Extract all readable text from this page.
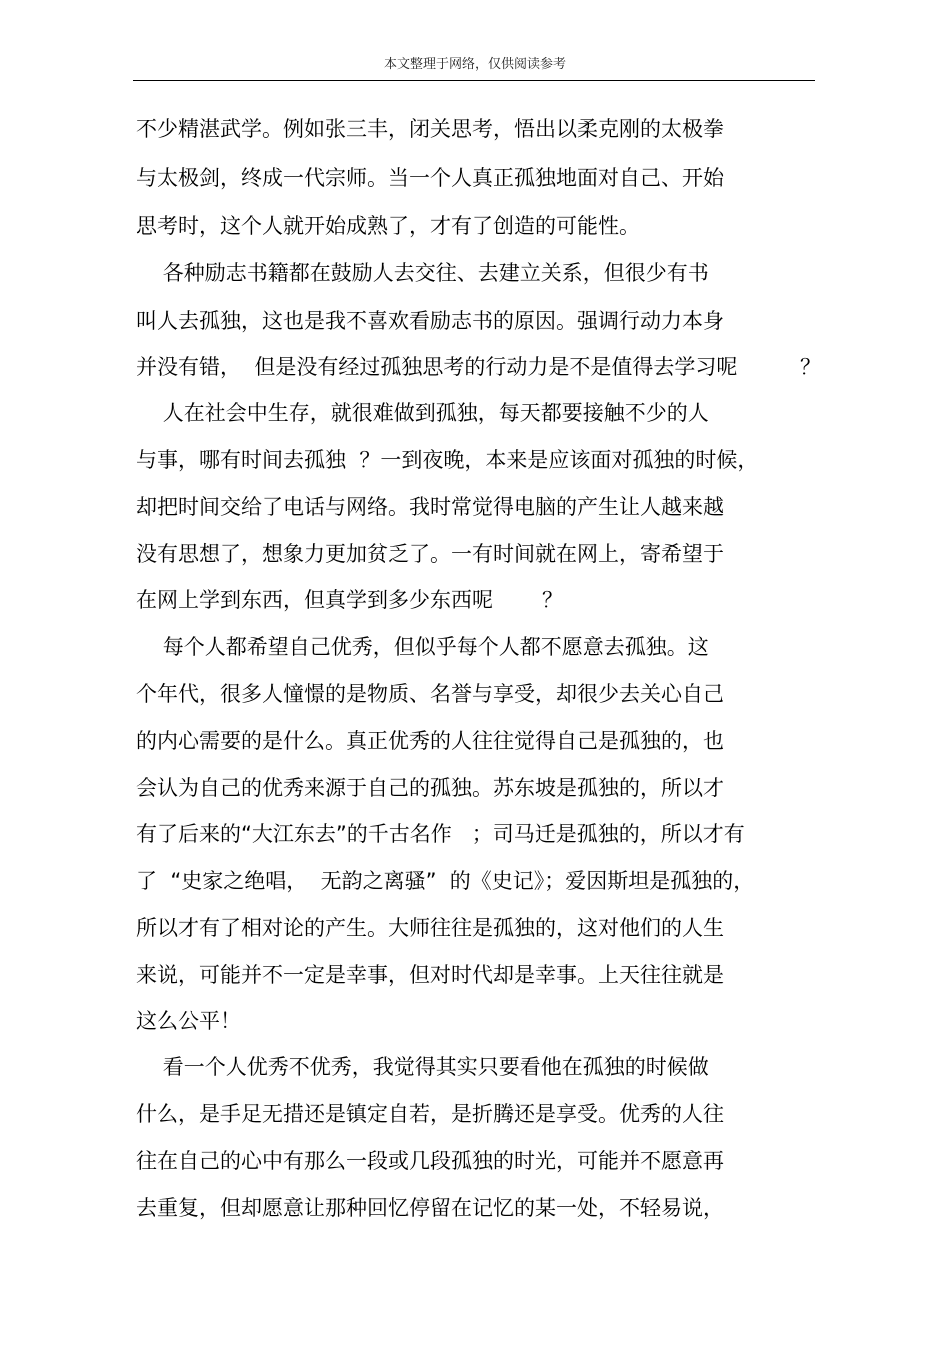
本文整理于网络，仅供阅读参考
不少精湛武学。例如张三丰，闭关思考，悟出以柔克刚的太极拳
与太极剑，终成一代宗师。当一个人真正孤独地面对自己、开始
思考时，这个人就开始成熟了，才有了创造的可能性。
各种励志书籍都在鼓励人去交往、去建立关系，但很少有书
叫人去孤独，这也是我不喜欢看励志书的原因。强调行动力本身
并没有错，  但是没有经过孤独思考的行动力是不是值得去学习呢	？
人在社会中生存，就很难做到孤独，每天都要接触不少的人
与事，哪有时间去孤独  ？一到夜晚，本来是应该面对孤独的时候，
却把时间交给了电话与网络。我时常觉得电脑的产生让人越来越
没有思想了，想象力更加贫乏了。一有时间就在网上，寄希望于
在网上学到东西，但真学到多少东西呢 ？
每个人都希望自己优秀，但似乎每个人都不愿意去孤独。这
个年代，很多人憧憬的是物质、名誉与享受，却很少去关心自己
的内心需要的是什么。真正优秀的人往往觉得自己是孤独的，也
会认为自己的优秀来源于自己的孤独。苏东坡是孤独的，所以才
有了后来的“大江东去”的千古名作   ；司马迁是孤独的，所以才有
了  “史家之绝唱，  无韵之离骚”  的《史记》；爱因斯坦是孤独的，
所以才有了相对论的产生。大师往往是孤独的，这对他们的人生
来说，可能并不一定是幸事，但对时代却是幸事。上天往往就是
这么公平！
看一个人优秀不优秀，我觉得其实只要看他在孤独的时候做
什么，是手足无措还是镇定自若，是折腾还是享受。优秀的人往
往在自己的心中有那么一段或几段孤独的时光，可能并不愿意再
去重复，但却愿意让那种回忆停留在记忆的某一处，不轻易说，
